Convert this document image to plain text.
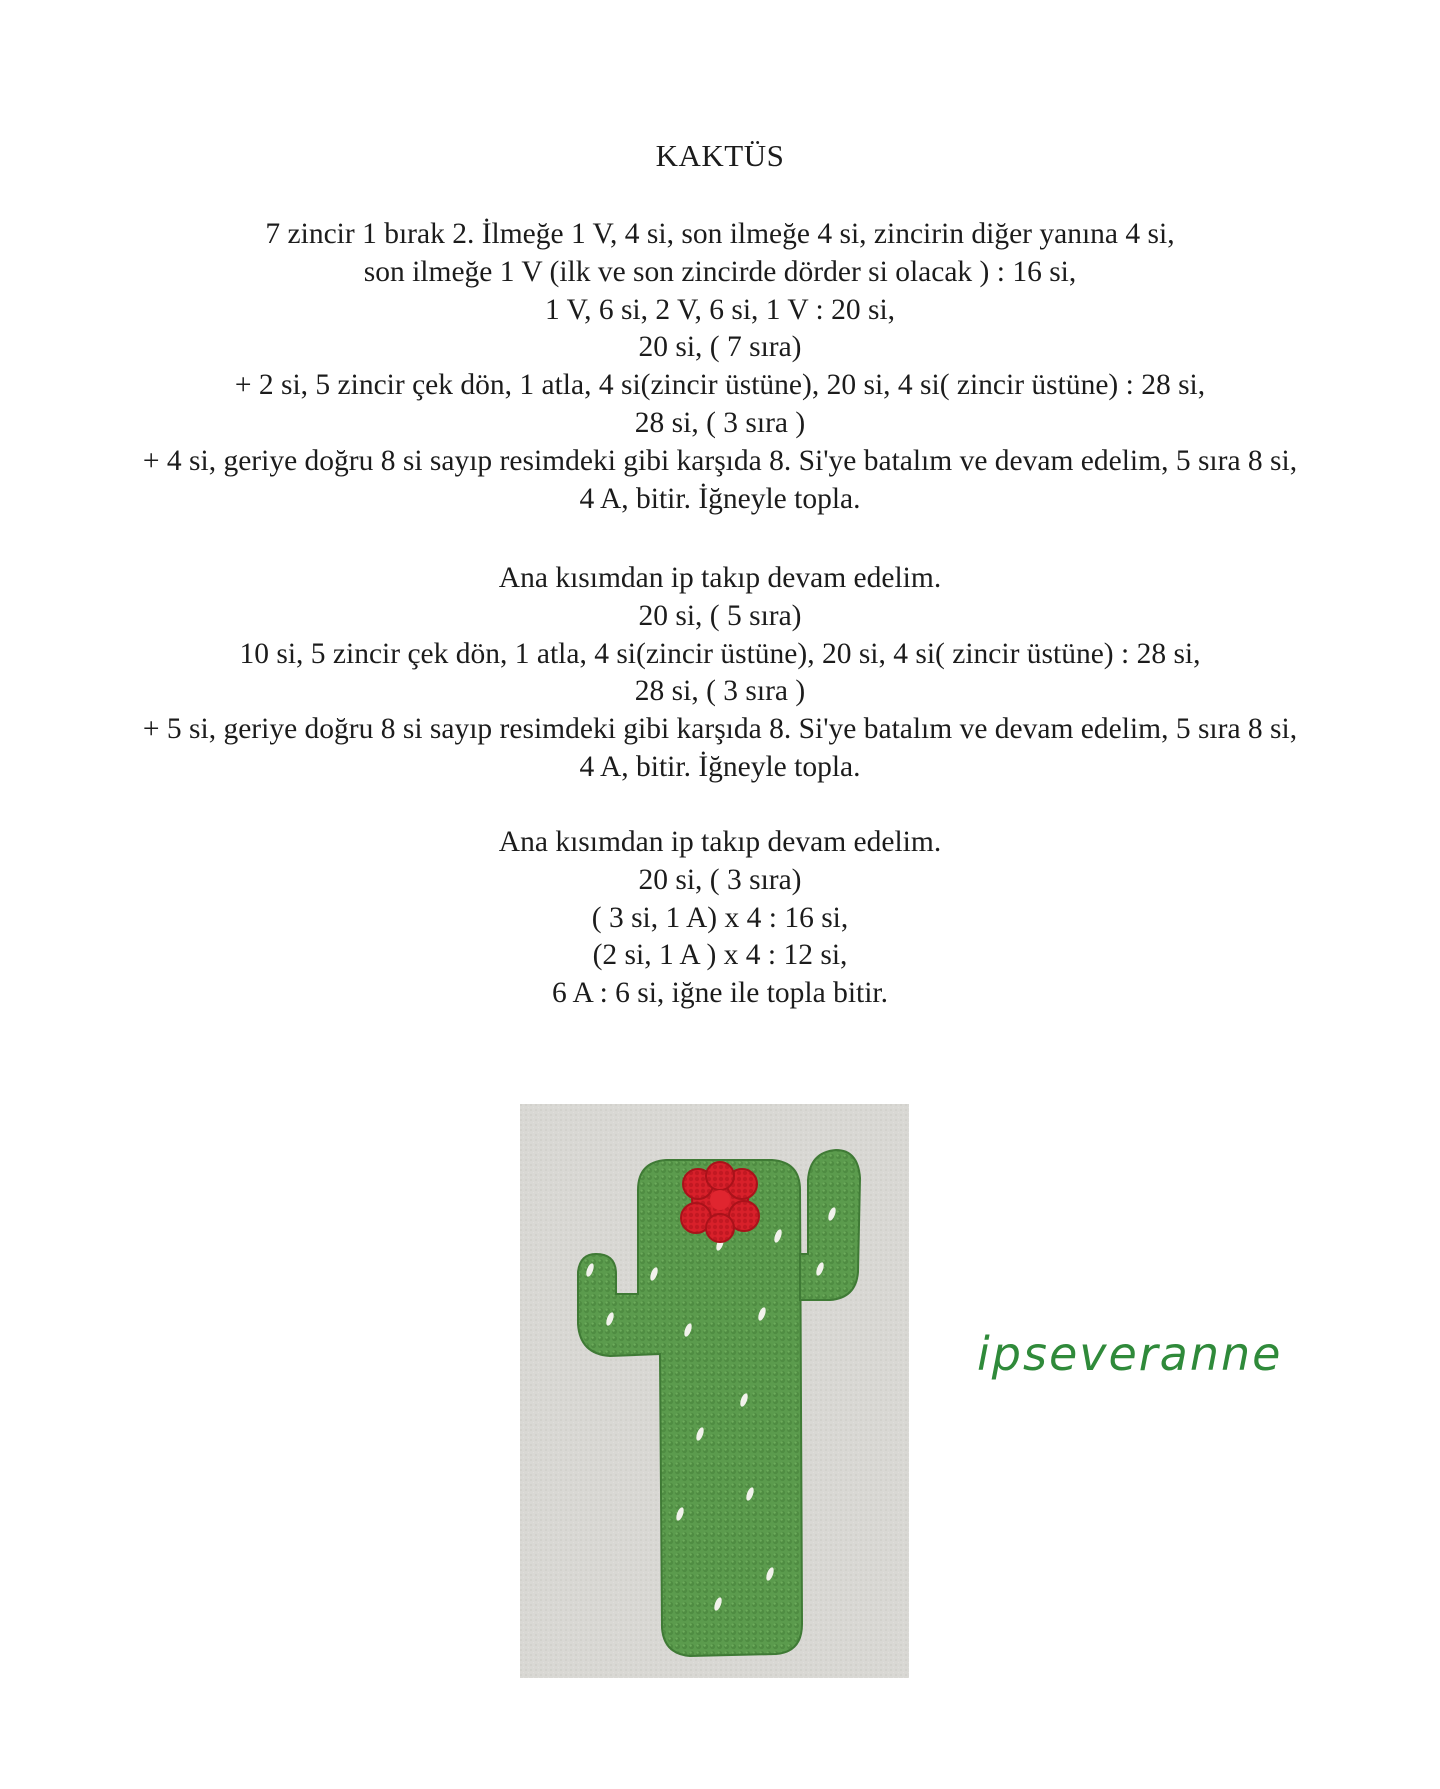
KAKTÜS
7 zincir 1 bırak 2. İlmeğe 1 V, 4 si, son ilmeğe 4 si, zincirin diğer yanına 4 si,
son ilmeğe 1 V (ilk ve son zincirde dörder si olacak ) : 16 si,
1 V, 6 si, 2 V, 6 si, 1 V : 20 si,
20 si, ( 7 sıra)
+ 2 si, 5 zincir çek dön, 1 atla, 4 si(zincir üstüne), 20 si, 4 si( zincir üstüne) : 28 si,
28 si, ( 3 sıra )
+ 4 si, geriye doğru 8 si sayıp resimdeki gibi karşıda 8. Si'ye batalım ve devam edelim, 5 sıra 8 si,
4 A, bitir. İğneyle topla.
Ana kısımdan ip takıp devam edelim.
20 si, ( 5 sıra)
10 si, 5 zincir çek dön, 1 atla, 4 si(zincir üstüne), 20 si, 4 si( zincir üstüne) : 28 si,
28 si, ( 3 sıra )
+ 5 si, geriye doğru 8 si sayıp resimdeki gibi karşıda 8. Si'ye batalım ve devam edelim, 5 sıra 8 si,
4 A, bitir. İğneyle topla.
Ana kısımdan ip takıp devam edelim.
20 si, ( 3 sıra)
( 3 si, 1 A) x 4 : 16 si,
(2 si, 1 A ) x 4 : 12 si,
6 A : 6 si, iğne ile topla bitir.
ipseveranne
